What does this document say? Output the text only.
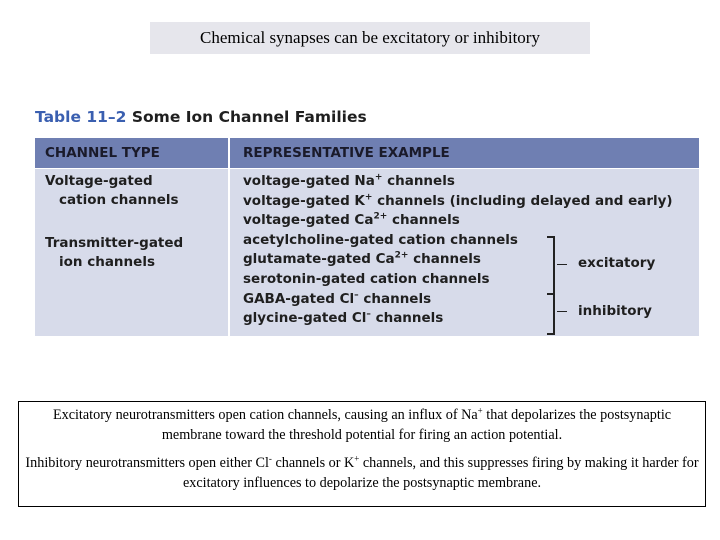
Chemical synapses can be excitatory or inhibitory
Table 11–2 Some Ion Channel Families
CHANNEL TYPE	REPRESENTATIVE EXAMPLE
Voltage-gated
cation channels
Transmitter-gated
ion channels
voltage-gated Na+ channels
voltage-gated K+ channels (including delayed and early)
voltage-gated $Ca^{2+}$ channels
acetylcholine-gated cation channels
glutamate-gated $Ca^{2+}$ channels
serotonin-gated cation channels
GABA-gated Cl– channels
glycine-gated Cl– channels
excitatory
inhibitory

Excitatory neurotransmitters open cation channels, causing an influx of Na+ that depolarizes the postsynaptic membrane toward the threshold potential for firing an action potential.

Inhibitory neurotransmitters open either Cl- channels or K+ channels, and this suppresses firing by making it harder for excitatory influences to depolarize the postsynaptic membrane.
